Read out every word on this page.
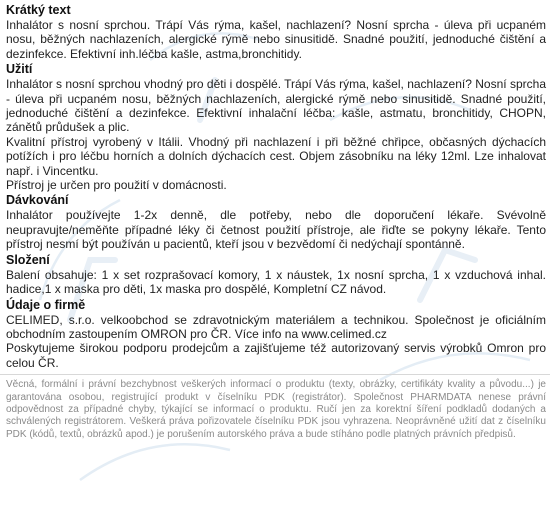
Krátký text

Inhalátor s nosní sprchou. Trápí Vás rýma, kašel, nachlazení? Nosní sprcha - úleva při ucpaném nosu, běžných nachlazeních, alergické rýmě nebo sinusitidě. Snadné použití, jednoduché čištění a dezinfekce. Efektivní inh.léčba kašle, astma,bronchitidy.

Užití

Inhalátor s nosní sprchou vhodný pro děti i dospělé. Trápí Vás rýma, kašel, nachlazení? Nosní sprcha - úleva při ucpaném nosu, běžných nachlazeních, alergické rýmě nebo sinusitidě. Snadné použití, jednoduché čištění a dezinfekce. Efektivní inhalační léčba: kašle, astmatu, bronchitidy, CHOPN, zánětů průdušek a plic.

Kvalitní přístroj vyrobený v Itálii. Vhodný při nachlazení i při běžné chřipce, občasných dýchacích potížích i pro léčbu horních a dolních dýchacích cest. Objem zásobníku na léky 12ml. Lze inhalovat např. i Vincentku.

Přístroj je určen pro použití v domácnosti.

Dávkování

Inhalátor používejte 1-2x denně, dle potřeby, nebo dle doporučení lékaře. Svévolně neupravujte/neměňte případné léky či četnost použití přístroje, ale řiďte se pokyny lékaře. Tento přístroj nesmí být používán u pacientů, kteří jsou v bezvědomí či nedýchají spontánně.

Složení

Balení obsahuje: 1 x set rozprašovací komory, 1 x náustek, 1x nosní sprcha, 1 x vzduchová inhal. hadice,1 x maska pro děti, 1x maska pro dospělé, Kompletní CZ návod.

Údaje o firmě

CELIMED, s.r.o. velkoobchod se zdravotnickým materiálem a technikou. Společnost je oficiálním obchodním zastoupením OMRON pro ČR. Více info na www.celimed.cz

Poskytujeme širokou podporu prodejcům a zajišťujeme též autorizovaný servis výrobků Omron pro celou ČR.

Věcná, formální i právní bezchybnost veškerých informací o produktu (texty, obrázky, certifikáty kvality a původu...) je garantována osobou, registrující produkt v číselníku PDK (registrátor). Společnost PHARMDATA nenese právní odpovědnost za případné chyby, týkající se informací o produktu. Ručí jen za korektní šíření podkladů dodaných a schválených registrátorem. Veškerá práva pořizovatele číselníku PDK jsou vyhrazena. Neoprávněné užití dat z číselníku PDK (kódů, textů, obrázků apod.) je porušením autorského práva a bude stíháno podle platných právních předpisů.
